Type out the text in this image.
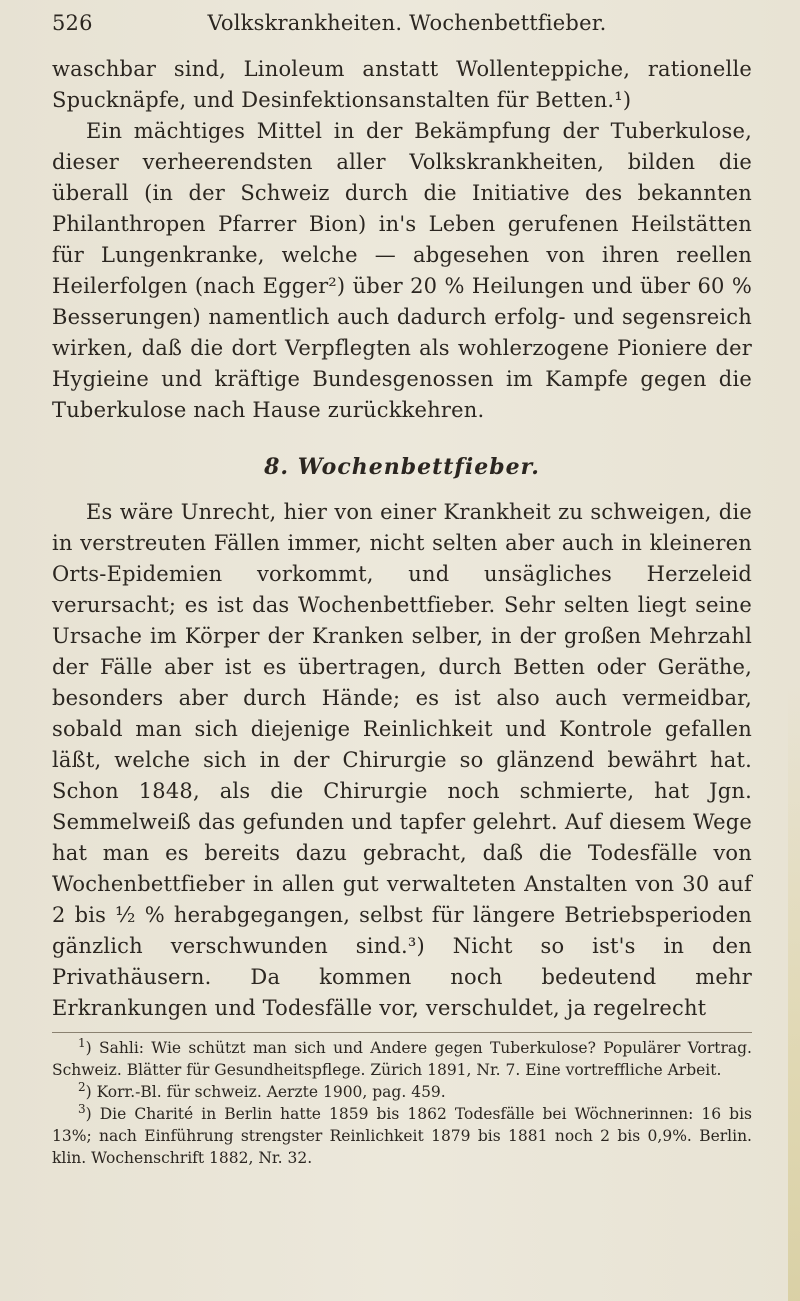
526	Volkskrankheiten. Wochenbettfieber.

waschbar sind, Linoleum anstatt Wollenteppiche, rationelle Spucknäpfe, und Desinfektionsanstalten für Betten.¹)

Ein mächtiges Mittel in der Bekämpfung der Tuberkulose, dieser verheerendsten aller Volkskrankheiten, bilden die überall (in der Schweiz durch die Initiative des bekannten Philanthropen Pfarrer Bion) in's Leben gerufenen Heilstätten für Lungenkranke, welche — abgesehen von ihren reellen Heilerfolgen (nach Egger²) über 20 % Heilungen und über 60 % Besserungen) namentlich auch dadurch erfolg- und segensreich wirken, daß die dort Verpflegten als wohlerzogene Pioniere der Hygieine und kräftige Bundesgenossen im Kampfe gegen die Tuberkulose nach Hause zurückkehren.

8. Wochenbettfieber.

Es wäre Unrecht, hier von einer Krankheit zu schweigen, die in verstreuten Fällen immer, nicht selten aber auch in kleineren Orts-Epidemien vorkommt, und unsägliches Herzeleid verursacht; es ist das Wochenbettfieber. Sehr selten liegt seine Ursache im Körper der Kranken selber, in der großen Mehrzahl der Fälle aber ist es übertragen, durch Betten oder Geräthe, besonders aber durch Hände; es ist also auch vermeidbar, sobald man sich diejenige Reinlichkeit und Kontrole gefallen läßt, welche sich in der Chirurgie so glänzend bewährt hat. Schon 1848, als die Chirurgie noch schmierte, hat Jgn. Semmelweiß das gefunden und tapfer gelehrt. Auf diesem Wege hat man es bereits dazu gebracht, daß die Todesfälle von Wochenbettfieber in allen gut verwalteten Anstalten von 30 auf 2 bis ½ % herabgegangen, selbst für längere Betriebsperioden gänzlich verschwunden sind.³) Nicht so ist's in den Privathäusern. Da kommen noch bedeutend mehr Erkrankungen und Todesfälle vor, verschuldet, ja regelrecht

$^1$) Sahli: Wie schützt man sich und Andere gegen Tuberkulose? Populärer Vortrag. Schweiz. Blätter für Gesundheitspflege. Zürich 1891, Nr. 7. Eine vortreffliche Arbeit.

$^2$) Korr.-Bl. für schweiz. Aerzte 1900, pag. 459.

$^3$) Die Charité in Berlin hatte 1859 bis 1862 Todesfälle bei Wöchnerinnen: 16 bis 13%; nach Einführung strengster Reinlichkeit 1879 bis 1881 noch 2 bis 0,9%. Berlin. klin. Wochenschrift 1882, Nr. 32.
